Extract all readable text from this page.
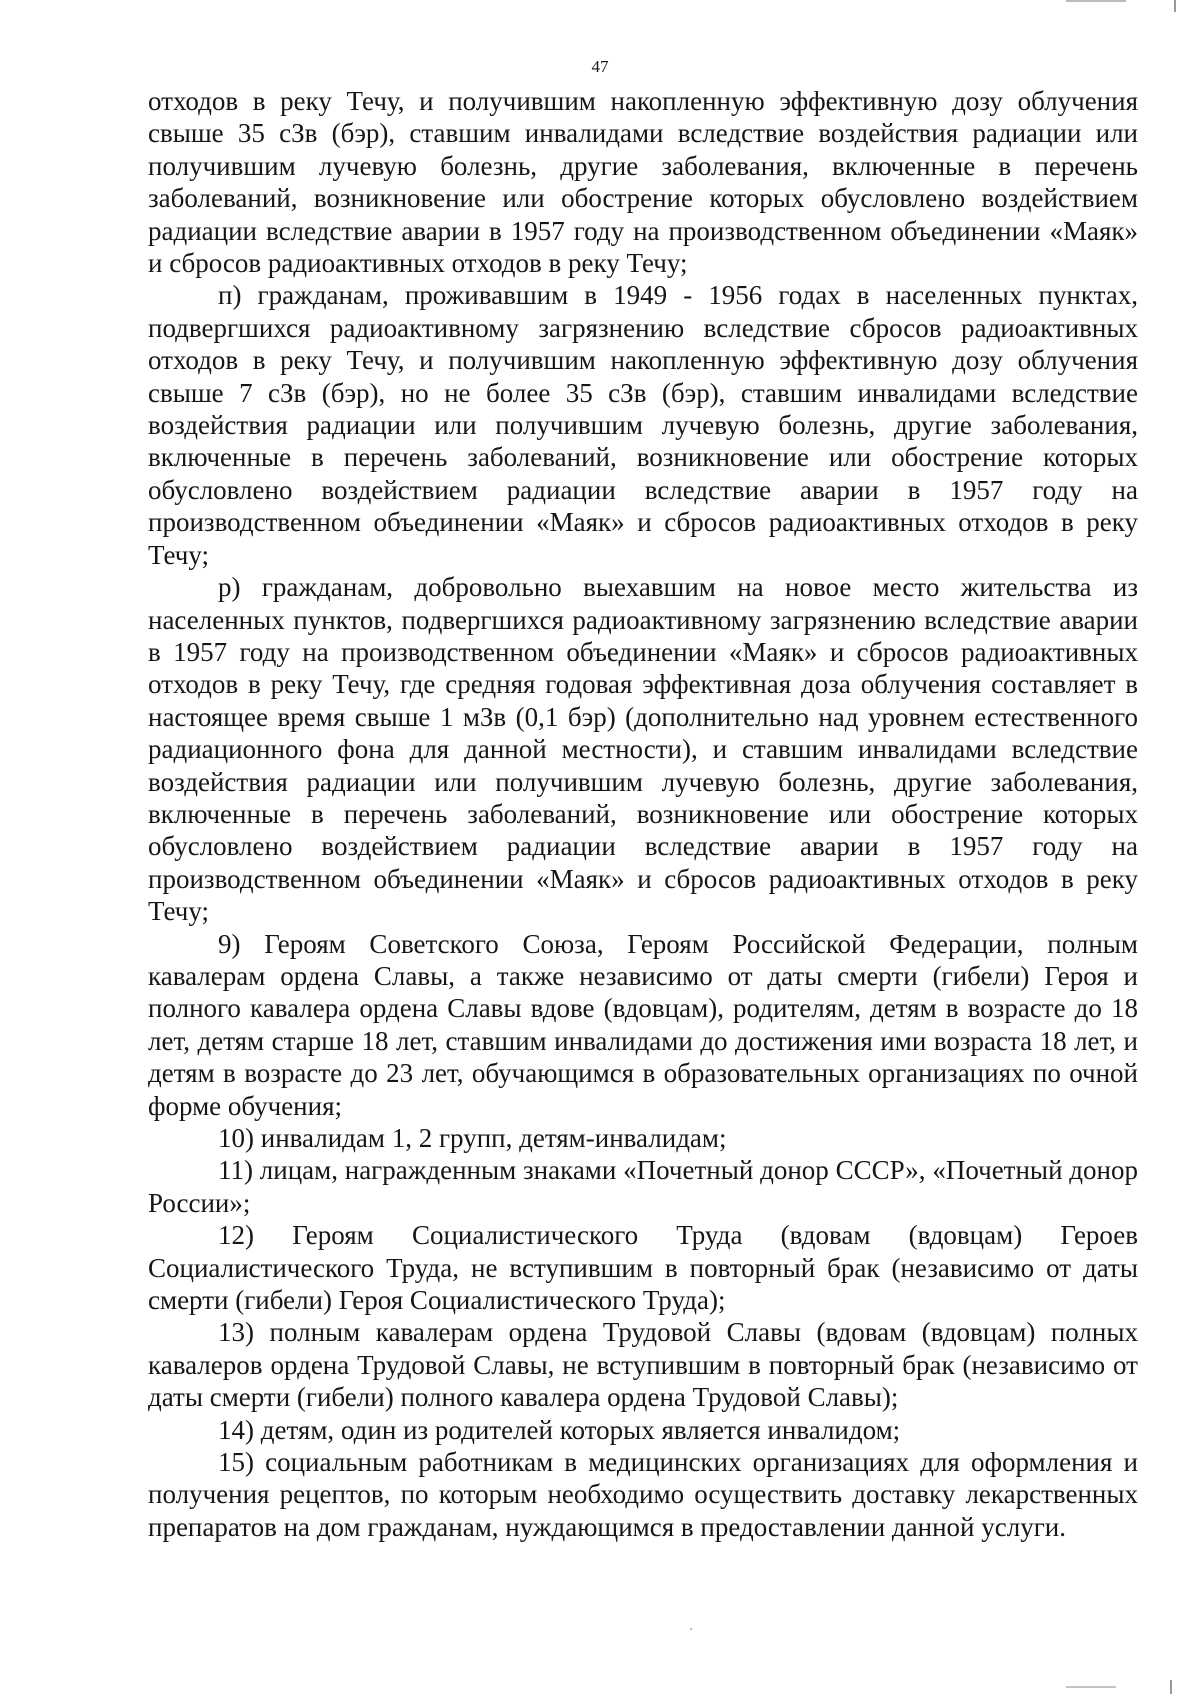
47

отходов в реку Течу, и получившим накопленную эффективную дозу облучения свыше 35 сЗв (бэр), ставшим инвалидами вследствие воздействия радиации или получившим лучевую болезнь, другие заболевания, включенные в перечень заболеваний, возникновение или обострение которых обусловлено воздействием радиации вследствие аварии в 1957 году на производственном объединении «Маяк» и сбросов радиоактивных отходов в реку Течу;

п) гражданам, проживавшим в 1949 - 1956 годах в населенных пунктах, подвергшихся радиоактивному загрязнению вследствие сбросов радиоактивных отходов в реку Течу, и получившим накопленную эффективную дозу облучения свыше 7 сЗв (бэр), но не более 35 сЗв (бэр), ставшим инвалидами вследствие воздействия радиации или получившим лучевую болезнь, другие заболевания, включенные в перечень заболеваний, возникновение или обострение которых обусловлено воздействием радиации вследствие аварии в 1957 году на производственном объединении «Маяк» и сбросов радиоактивных отходов в реку Течу;

р) гражданам, добровольно выехавшим на новое место жительства из населенных пунктов, подвергшихся радиоактивному загрязнению вследствие аварии в 1957 году на производственном объединении «Маяк» и сбросов радиоактивных отходов в реку Течу, где средняя годовая эффективная доза облучения составляет в настоящее время свыше 1 мЗв (0,1 бэр) (дополнительно над уровнем естественного радиационного фона для данной местности), и ставшим инвалидами вследствие воздействия радиации или получившим лучевую болезнь, другие заболевания, включенные в перечень заболеваний, возникновение или обострение которых обусловлено воздействием радиации вследствие аварии в 1957 году на производственном объединении «Маяк» и сбросов радиоактивных отходов в реку Течу;

9) Героям Советского Союза, Героям Российской Федерации, полным кавалерам ордена Славы, а также независимо от даты смерти (гибели) Героя и полного кавалера ордена Славы вдове (вдовцам), родителям, детям в возрасте до 18 лет, детям старше 18 лет, ставшим инвалидами до достижения ими возраста 18 лет, и детям в возрасте до 23 лет, обучающимся в образовательных организациях по очной форме обучения;

10) инвалидам 1, 2 групп, детям-инвалидам;

11) лицам, награжденным знаками «Почетный донор СССР», «Почетный донор России»;

12) Героям Социалистического Труда (вдовам (вдовцам) Героев Социалистического Труда, не вступившим в повторный брак (независимо от даты смерти (гибели) Героя Социалистического Труда);

13) полным кавалерам ордена Трудовой Славы (вдовам (вдовцам) полных кавалеров ордена Трудовой Славы, не вступившим в повторный брак (независимо от даты смерти (гибели) полного кавалера ордена Трудовой Славы);

14) детям, один из родителей которых является инвалидом;

15) социальным работникам в медицинских организациях для оформления и получения рецептов, по которым необходимо осуществить доставку лекарственных препаратов на дом гражданам, нуждающимся в предоставлении данной услуги.
